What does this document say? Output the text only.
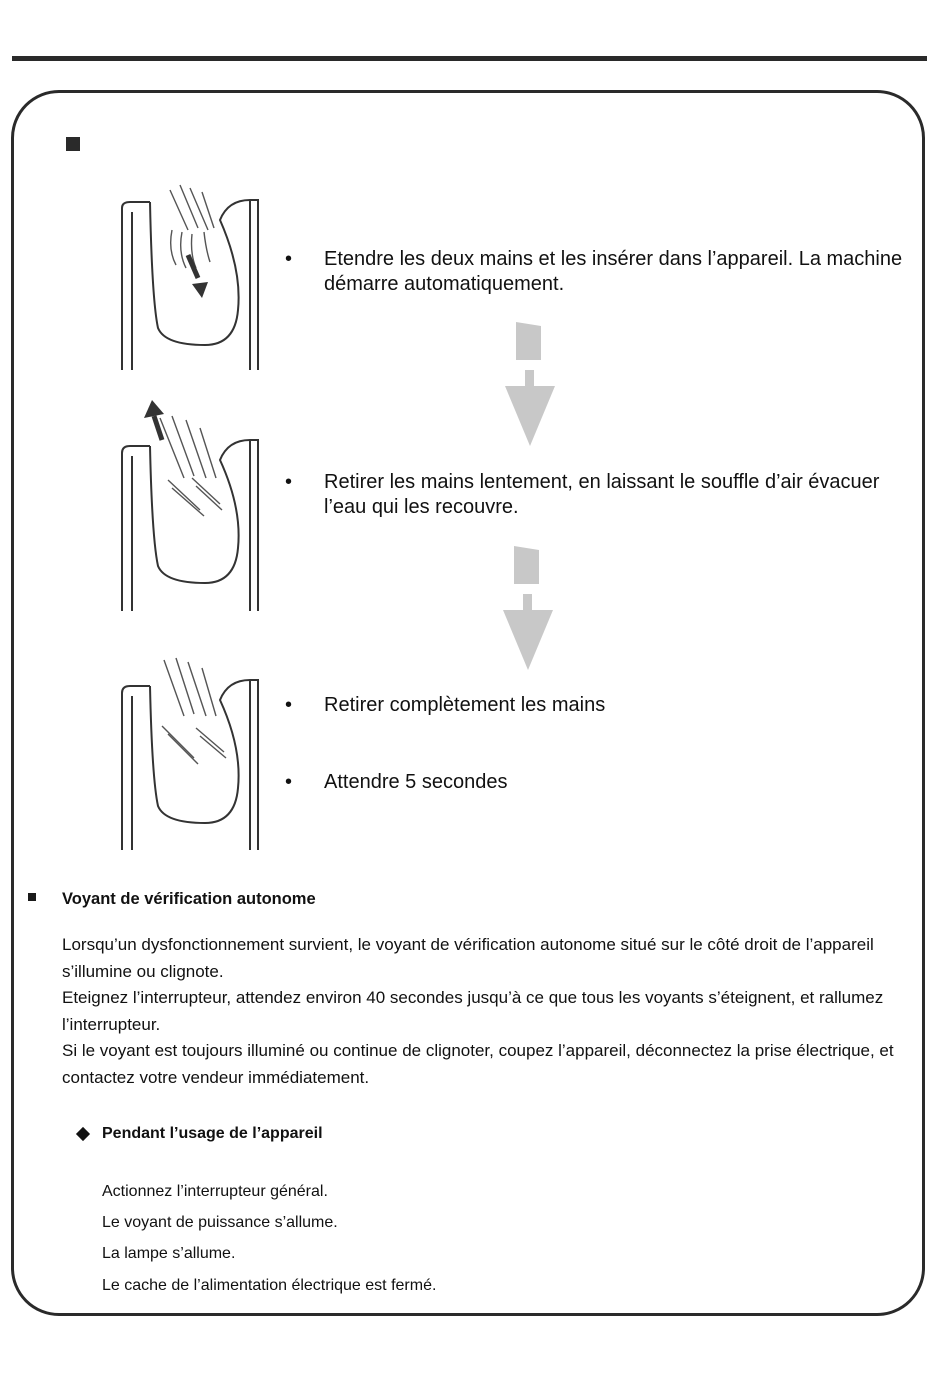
• Etendre les deux mains et les insérer dans l’appareil. La machine démarre automatiquement.
• Retirer les mains lentement, en laissant le souffle d’air évacuer l’eau qui les recouvre.
• Retirer complètement les mains
• Attendre 5 secondes
Voyant de vérification autonome
Lorsqu’un dysfonctionnement survient, le voyant de vérification autonome situé sur le côté droit de l’appareil s’illumine ou clignote.
Eteignez l’interrupteur, attendez environ 40 secondes jusqu’à ce que tous les voyants s’éteignent, et rallumez l’interrupteur.
Si le voyant est toujours illuminé ou continue de clignoter, coupez l’appareil, déconnectez la prise électrique, et contactez votre vendeur immédiatement.
Pendant l’usage de l’appareil
Actionnez l’interrupteur général.
Le voyant de puissance s’allume.
La lampe s’allume.
Le cache de l’alimentation électrique est fermé.
